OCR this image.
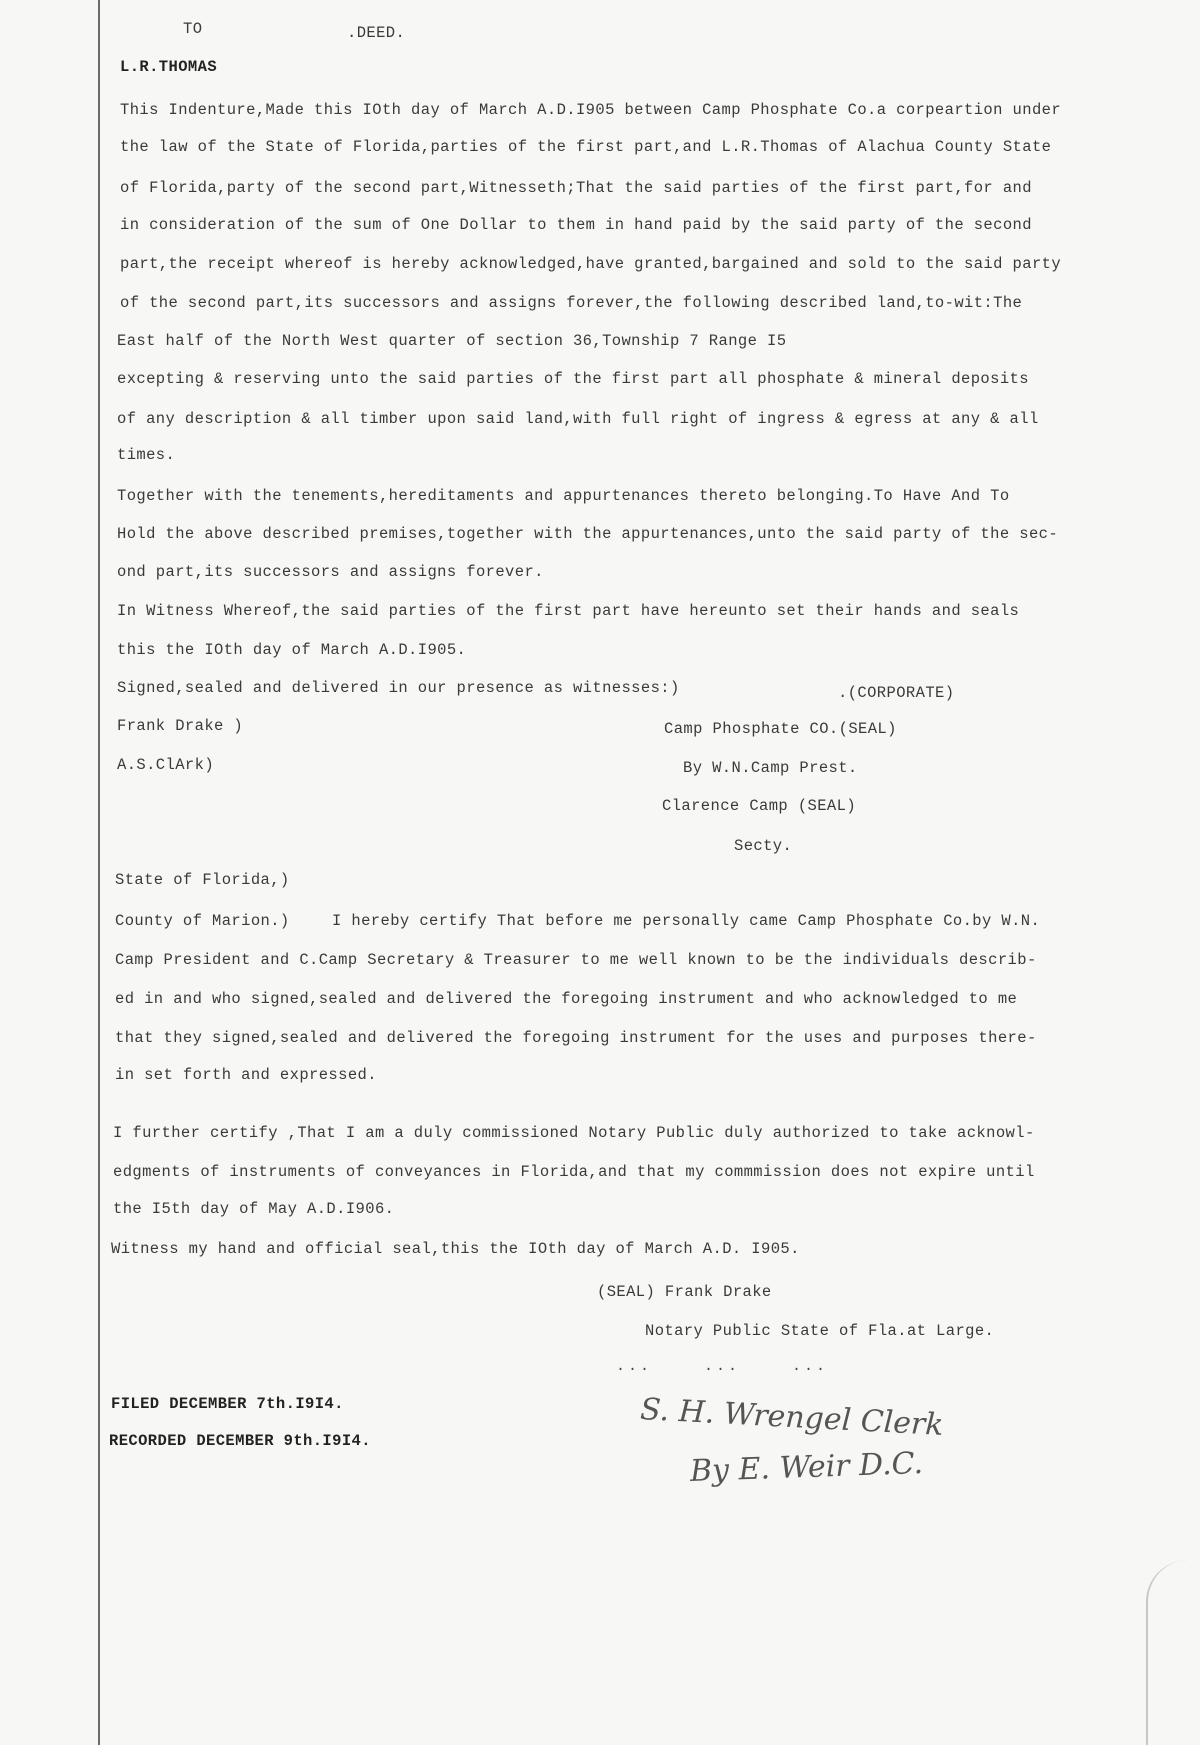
TO	.DEED.
L.R.THOMAS
This Indenture,Made this IOth day of March A.D.I905 between Camp Phosphate Co.a corpeartion under
the law of the State of Florida,parties of the first part,and L.R.Thomas of Alachua County State
of Florida,party of the second part,Witnesseth;That the said parties of the first part,for and
in consideration of the sum of One Dollar to them in hand paid by the said party of the second
part,the receipt whereof is hereby acknowledged,have granted,bargained and sold to the said party
of the second part,its successors and assigns forever,the following described land,to-wit:The
East half of the North West quarter of section 36,Township 7 Range I5
excepting & reserving unto the said parties of the first part all phosphate & mineral deposits
of any description & all timber upon said land,with full right of ingress & egress at any & all
times.
Together with the tenements,hereditaments and appurtenances thereto belonging.To Have And To
Hold the above described premises,together with the appurtenances,unto the said party of the sec-
ond part,its successors and assigns forever.
In Witness Whereof,the said parties of the first part have hereunto set their hands and seals
this the IOth day of March A.D.I905.
Signed,sealed and delivered in our presence as witnesses:)	.(CORPORATE)
Frank Drake )	Camp Phosphate CO.(SEAL)
A.S.ClArk)	By W.N.Camp Prest.
Clarence Camp (SEAL)
Secty.
State of Florida,)
County of Marion.)	I hereby certify That before me personally came Camp Phosphate Co.by W.N.
Camp President and C.Camp Secretary & Treasurer to me well known to be the individuals describ-
ed in and who signed,sealed and delivered the foregoing instrument and who acknowledged to me
that they signed,sealed and delivered the foregoing instrument for the uses and purposes there-
in set forth and expressed.
I further certify ,That I am a duly commissioned Notary Public duly authorized to take acknowl-
edgments of instruments of conveyances in Florida,and that my commmission does not expire until
the I5th day of May A.D.I906.
Witness my hand and official seal,this the IOth day of March A.D. I905.
(SEAL) Frank Drake
Notary Public State of Fla.at Large.
... ... ...
FILED DECEMBER 7th.I9I4.
RECORDED DECEMBER 9th.I9I4.	S. H. Wrengel Clerk
By E. Weir D.C.
